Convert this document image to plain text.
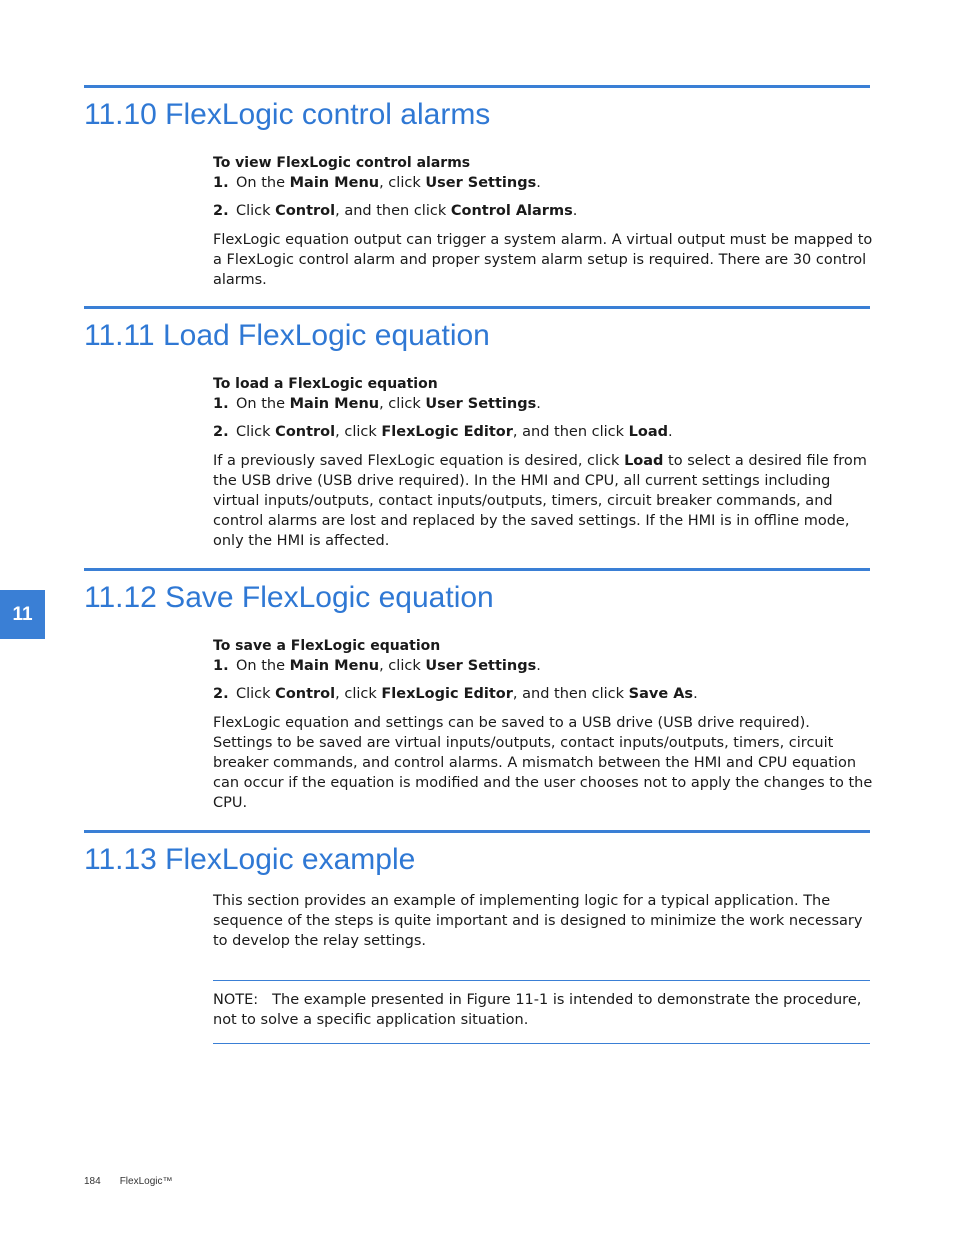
11.10 FlexLogic control alarms

To view FlexLogic control alarms

1. On the Main Menu, click User Settings.
2. Click Control, and then click Control Alarms.

FlexLogic equation output can trigger a system alarm. A virtual output must be mapped to a FlexLogic control alarm and proper system alarm setup is required. There are 30 control alarms.

11.11 Load FlexLogic equation

To load a FlexLogic equation

1. On the Main Menu, click User Settings.
2. Click Control, click FlexLogic Editor, and then click Load.

If a previously saved FlexLogic equation is desired, click Load to select a desired file from the USB drive (USB drive required). In the HMI and CPU, all current settings including virtual inputs/outputs, contact inputs/outputs, timers, circuit breaker commands, and control alarms are lost and replaced by the saved settings. If the HMI is in offline mode, only the HMI is affected.

11	11.12 Save FlexLogic equation

To save a FlexLogic equation

1. On the Main Menu, click User Settings.
2. Click Control, click FlexLogic Editor, and then click Save As.

FlexLogic equation and settings can be saved to a USB drive (USB drive required). Settings to be saved are virtual inputs/outputs, contact inputs/outputs, timers, circuit breaker commands, and control alarms. A mismatch between the HMI and CPU equation can occur if the equation is modified and the user chooses not to apply the changes to the CPU.

11.13 FlexLogic example

This section provides an example of implementing logic for a typical application. The sequence of the steps is quite important and is designed to minimize the work necessary to develop the relay settings.

NOTE: The example presented in Figure 11-1 is intended to demonstrate the procedure, not to solve a specific application situation.
184 FlexLogic™
